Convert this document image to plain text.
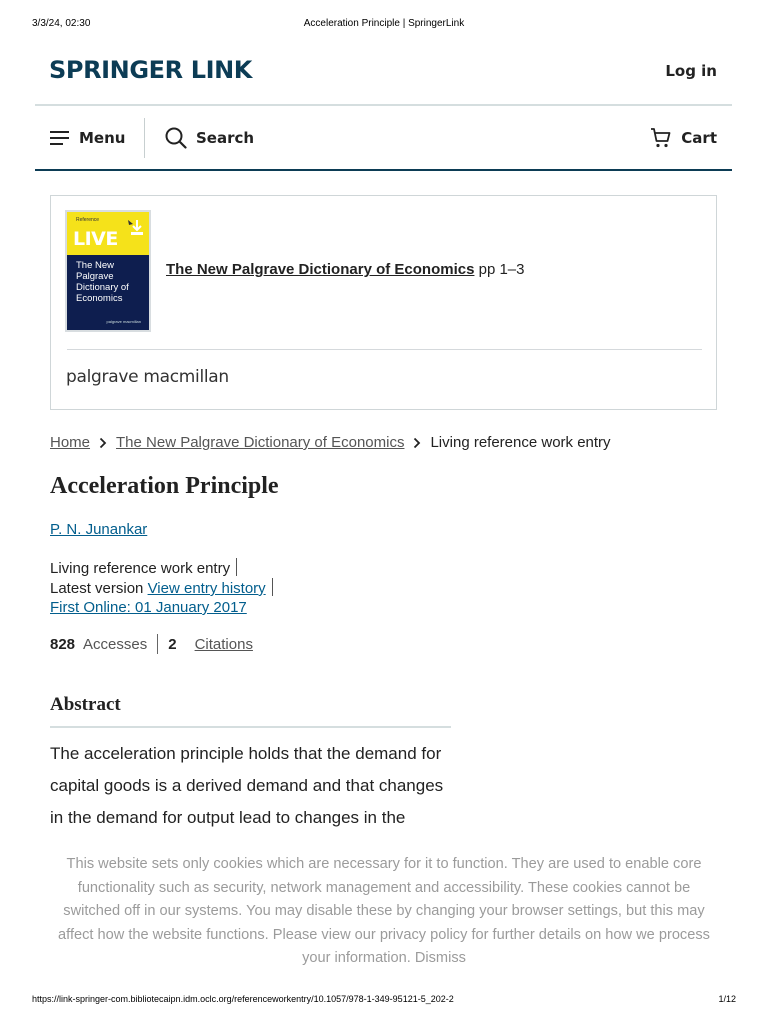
3/3/24, 02:30	Acceleration Principle | SpringerLink
SPRINGER LINK	Log in
Menu	Search	Cart
Reference
LIVE
The New Palgrave Dictionary of Economics
palgrave macmillan
The New Palgrave Dictionary of Economics pp 1–3
palgrave macmillan
Home The New Palgrave Dictionary of Economics Living reference work entry
Acceleration Principle
P. N. Junankar
Living reference work entry
Latest version View entry history
First Online: 01 January 2017
828 Accesses 2 Citations
Abstract

The acceleration principle holds that the demand for capital goods is a derived demand and that changes in the demand for output lead to changes in the

This website sets only cookies which are necessary for it to function. They are used to enable core functionality such as security, network management and accessibility. These cookies cannot be switched off in our systems. You may disable these by changing your browser settings, but this may affect how the website functions. Please view our privacy policy for further details on how we process your information. Dismiss
https://link-springer-com.bibliotecaipn.idm.oclc.org/referenceworkentry/10.1057/978-1-349-95121-5_202-2	1/12
